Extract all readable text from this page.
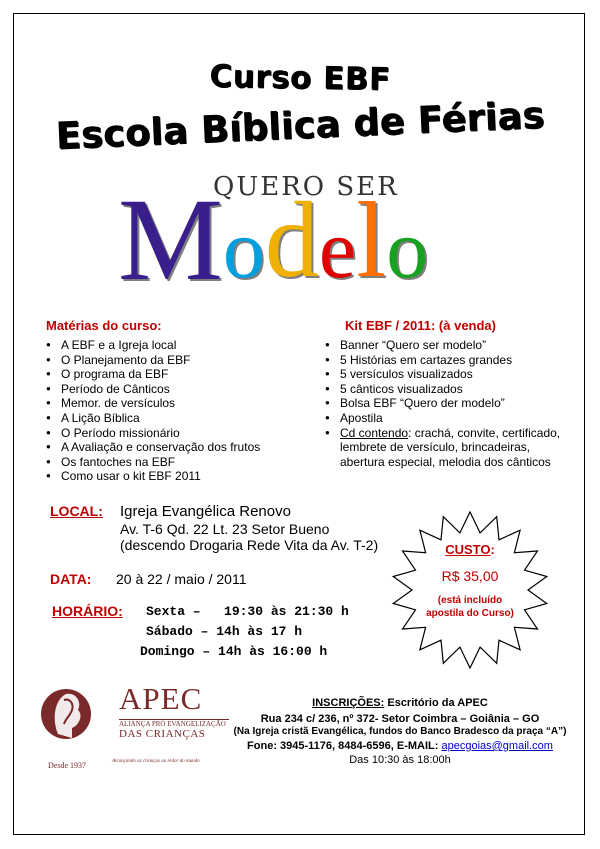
Curso EBF
Escola Bíblica de Férias
QUERO SER
M o d e l o
Matérias do curso:
● A EBF e a Igreja local
● O Planejamento da EBF
● O programa da EBF
● Período de Cânticos
● Memor. de versículos
● A Lição Bíblica
● O Período missionário
● A Avaliação e conservação dos frutos
● Os fantoches na EBF
● Como usar o kit EBF 2011
Kit EBF / 2011: (à venda)
● Banner “Quero ser modelo”
● 5 Histórias em cartazes grandes
● 5 versículos visualizados
● 5 cânticos visualizados
● Bolsa EBF “Quero der modelo”
● Apostila
● Cd contendo: crachá, convite, certificado, lembrete de versículo, brincadeiras, abertura especial, melodia dos cânticos
LOCAL: Igreja Evangélica Renovo
Av. T-6 Qd. 22 Lt. 23 Setor Bueno
(descendo Drogaria Rede Vita da Av. T-2)
DATA: 20 à 22 / maio / 2011
HORÁRIO: Sexta –   19:30 às 21:30 h
Sábado – 14h às 17 h
Domingo – 14h às 16:00 h
CUSTO:
R$ 35,00
(está incluído apostila do Curso)
APEC
ALIANÇA PRÓ EVANGELIZAÇÃO
DAS CRIANÇAS
Alcançando as crianças ao redor do mundo
Desde 1937
INSCRIÇÕES: Escritório da APEC
Rua 234 c/ 236, nº 372- Setor Coimbra – Goiânia – GO
(Na Igreja cristã Evangélica, fundos do Banco Bradesco da praça “A”)
Fone: 3945-1176, 8484-6596, E-MAIL: apecgoias@gmail.com
Das 10:30 às 18:00h
